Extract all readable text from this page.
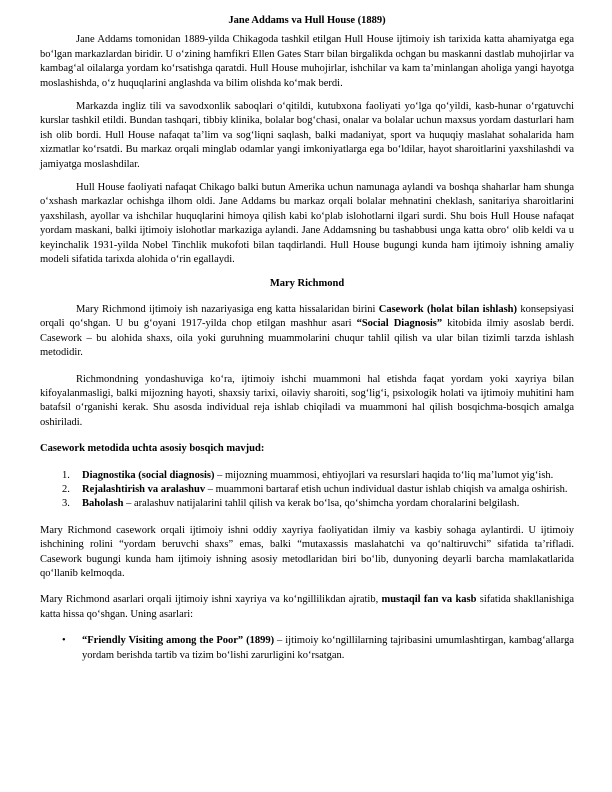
Jane Addams va Hull House (1889)

Jane Addams tomonidan 1889-yilda Chikagoda tashkil etilgan Hull House ijtimoiy ish tarixida katta ahamiyatga ega bo‘lgan markazlardan biridir. U o‘zining hamfikri Ellen Gates Starr bilan birgalikda ochgan bu maskanni dastlab muhojirlar va kambag‘al oilalarga yordam ko‘rsatishga qaratdi. Hull House muhojirlar, ishchilar va kam ta’minlangan aholiga yangi hayotga moslashishda, o‘z huquqlarini anglashda va bilim olishda ko‘mak berdi.

Markazda ingliz tili va savodxonlik saboqlari o‘qitildi, kutubxona faoliyati yo‘lga qo‘yildi, kasb-hunar o‘rgatuvchi kurslar tashkil etildi. Bundan tashqari, tibbiy klinika, bolalar bog‘chasi, onalar va bolalar uchun maxsus yordam dasturlari ham ish olib bordi. Hull House nafaqat ta’lim va sog‘liqni saqlash, balki madaniyat, sport va huquqiy maslahat sohalarida ham xizmatlar ko‘rsatdi. Bu markaz orqali minglab odamlar yangi imkoniyatlarga ega bo‘ldilar, hayot sharoitlarini yaxshilashdi va jamiyatga moslashdilar.

Hull House faoliyati nafaqat Chikago balki butun Amerika uchun namunaga aylandi va boshqa shaharlar ham shunga o‘xshash markazlar ochishga ilhom oldi. Jane Addams bu markaz orqali bolalar mehnatini cheklash, sanitariya sharoitlarini yaxshilash, ayollar va ishchilar huquqlarini himoya qilish kabi ko‘plab islohotlarni ilgari surdi. Shu bois Hull House nafaqat yordam maskani, balki ijtimoiy islohotlar markaziga aylandi. Jane Addamsning bu tashabbusi unga katta obro‘ olib keldi va u keyinchalik 1931-yilda Nobel Tinchlik mukofoti bilan taqdirlandi. Hull House bugungi kunda ham ijtimoiy ishning amaliy modeli sifatida tarixda alohida o‘rin egallaydi.

Mary Richmond

Mary Richmond ijtimoiy ish nazariyasiga eng katta hissalaridan birini Casework (holat bilan ishlash) konsepsiyasi orqali qo‘shgan. U bu g‘oyani 1917-yilda chop etilgan mashhur asari “Social Diagnosis” kitobida ilmiy asoslab berdi. Casework – bu alohida shaxs, oila yoki guruhning muammolarini chuqur tahlil qilish va ular bilan tizimli tarzda ishlash metodidir.

Richmondning yondashuviga ko‘ra, ijtimoiy ishchi muammoni hal etishda faqat yordam yoki xayriya bilan kifoyalanmasligi, balki mijozning hayoti, shaxsiy tarixi, oilaviy sharoiti, sog‘lig‘i, psixologik holati va ijtimoiy muhitini ham batafsil o‘rganishi kerak. Shu asosda individual reja ishlab chiqiladi va muammoni hal qilish bosqichma-bosqich amalga oshiriladi.

Casework metodida uchta asosiy bosqich mavjud:

1. Diagnostika (social diagnosis) – mijozning muammosi, ehtiyojlari va resurslari haqida to‘liq ma’lumot yig‘ish.
2. Rejalashtirish va aralashuv – muammoni bartaraf etish uchun individual dastur ishlab chiqish va amalga oshirish.
3. Baholash – aralashuv natijalarini tahlil qilish va kerak bo‘lsa, qo‘shimcha yordam choralarini belgilash.

Mary Richmond casework orqali ijtimoiy ishni oddiy xayriya faoliyatidan ilmiy va kasbiy sohaga aylantirdi. U ijtimoiy ishchining rolini “yordam beruvchi shaxs” emas, balki “mutaxassis maslahatchi va qo‘naltiruvchi” sifatida ta’rifladi. Casework bugungi kunda ham ijtimoiy ishning asosiy metodlaridan biri bo‘lib, dunyoning deyarli barcha mamlakatlarida qo‘llanib kelmoqda.

Mary Richmond asarlari orqali ijtimoiy ishni xayriya va ko‘ngillilikdan ajratib, mustaqil fan va kasb sifatida shakllanishiga katta hissa qo‘shgan. Uning asarlari:

• “Friendly Visiting among the Poor” (1899) – ijtimoiy ko‘ngillilarning tajribasini umumlashtirgan, kambag‘allarga yordam berishda tartib va tizim bo‘lishi zarurligini ko‘rsatgan.
